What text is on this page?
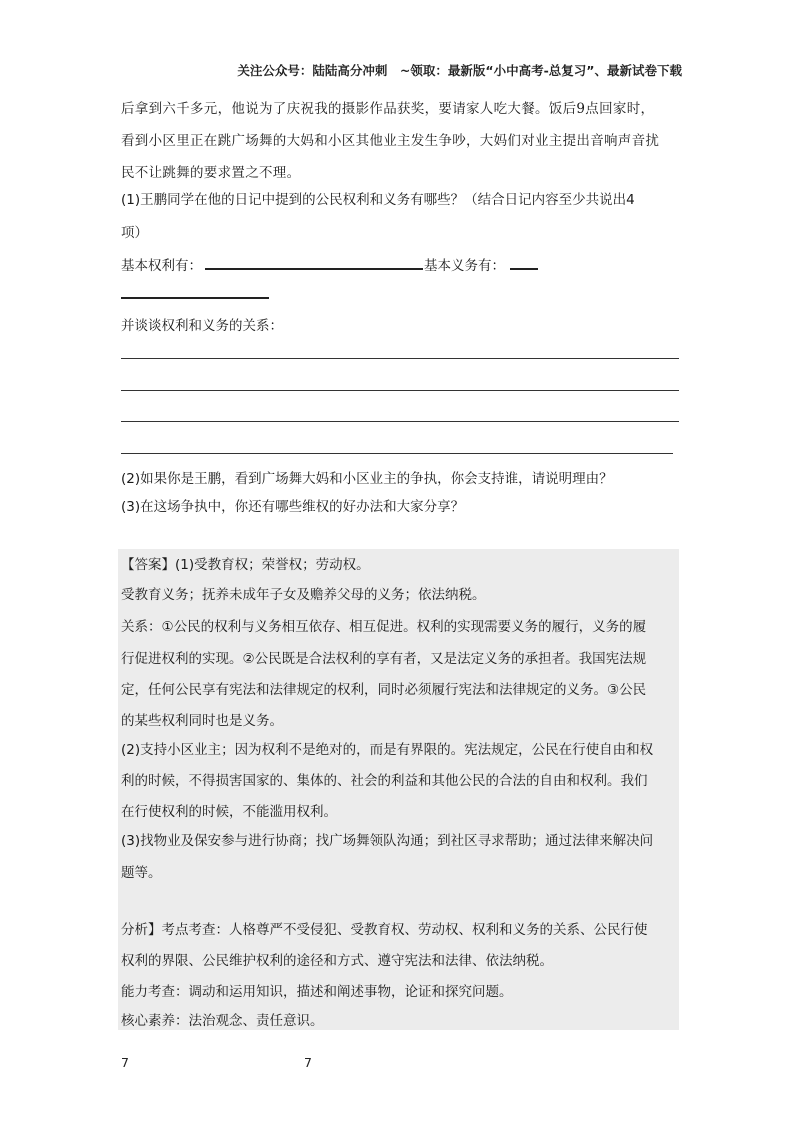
关注公众号：陆陆高分冲刺　~领取：最新版“小中高考-总复习”、最新试卷下载
后拿到六千多元，他说为了庆祝我的摄影作品获奖，要请家人吃大餐。饭后9点回家时，
看到小区里正在跳广场舞的大妈和小区其他业主发生争吵，大妈们对业主提出音响声音扰
民不让跳舞的要求置之不理。
(1)王鹏同学在他的日记中提到的公民权利和义务有哪些？（结合日记内容至少共说出4
项）
基本权利有：	基本义务有：
并谈谈权利和义务的关系：
(2)如果你是王鹏，看到广场舞大妈和小区业主的争执，你会支持谁，请说明理由？
(3)在这场争执中，你还有哪些维权的好办法和大家分享？
【答案】(1)受教育权；荣誉权；劳动权。
受教育义务；抚养未成年子女及赡养父母的义务；依法纳税。
关系：①公民的权利与义务相互依存、相互促进。权利的实现需要义务的履行，义务的履
行促进权利的实现。②公民既是合法权利的享有者，又是法定义务的承担者。我国宪法规
定，任何公民享有宪法和法律规定的权利，同时必须履行宪法和法律规定的义务。③公民
的某些权利同时也是义务。
(2)支持小区业主；因为权利不是绝对的，而是有界限的。宪法规定，公民在行使自由和权
利的时候，不得损害国家的、集体的、社会的利益和其他公民的合法的自由和权利。我们
在行使权利的时候，不能滥用权利。
(3)找物业及保安参与进行协商；找广场舞领队沟通；到社区寻求帮助；通过法律来解决问
题等。
分析】考点考查：人格尊严不受侵犯、受教育权、劳动权、权利和义务的关系、公民行使
权利的界限、公民维护权利的途径和方式、遵守宪法和法律、依法纳税。
能力考查：调动和运用知识，描述和阐述事物，论证和探究问题。
核心素养：法治观念、责任意识。
7	7
